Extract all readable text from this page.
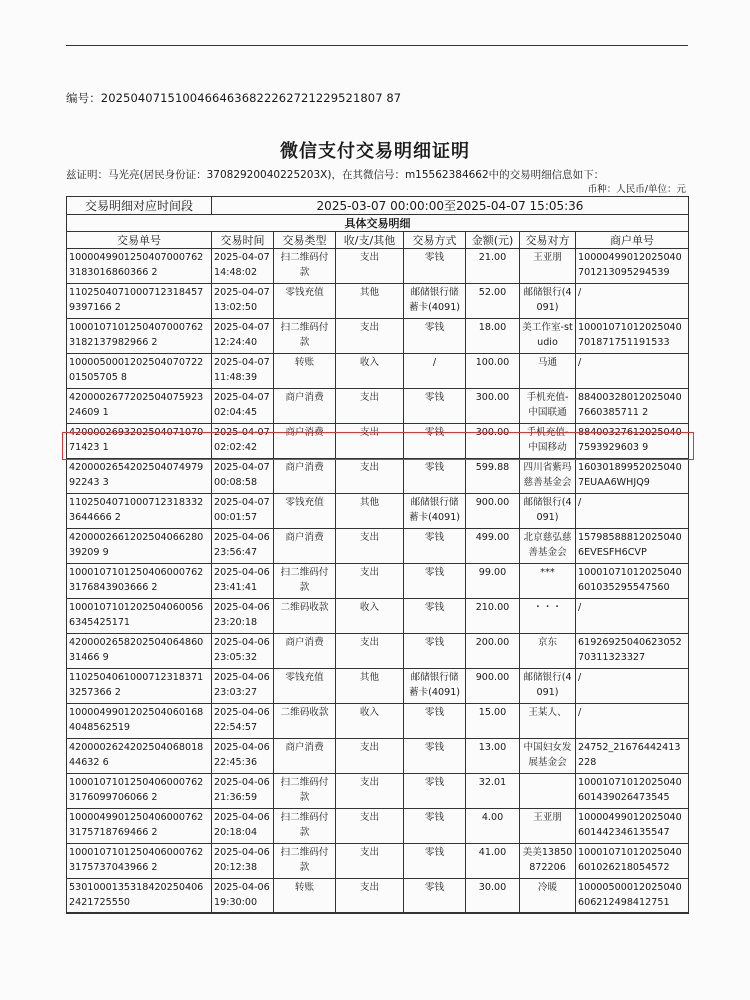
编号：20250407151004664636822262721229521807 87
微信支付交易明细证明
兹证明：马光亮(居民身份证：37082920040225203X)，在其微信号：m15562384662中的交易明细信息如下：
币种：人民币/单位：元
交易明细对应时间段	2025-03-07 00:00:00至2025-04-07 15:05:36						
具体交易明细							
交易单号	交易时间	交易类型	收/支/其他	交易方式	金额(元)	交易对方	商户单号
10000499012504070007623183016860366 2	2025-04-07 14:48:02	扫二维码付款	支出	零钱	21.00	王亚朋	10000499012025040701213095294539
11025040710007123184579397166 2	2025-04-07 13:02:50	零钱充值	其他	邮储银行储蓄卡(4091)	52.00	邮储银行(4091)	/
10001071012504070007623182137982966 2	2025-04-07 12:24:40	扫二维码付款	支出	零钱	18.00	美工作室-studio	10001071012025040701871751191533
100005000120250407072201505705 8	2025-04-07 11:48:39	转账	收入	/	100.00	马通	/
420000267720250407592324609 1	2025-04-07 02:04:45	商户消费	支出	零钱	300.00	手机充值-中国联通	884003280120250407660385711 2
420000269320250407107071423 1	2025-04-07 02:02:42	商户消费	支出	零钱	300.00	手机充值-中国移动	884003276120250407593929603 9
420000265420250407497992243 3	2025-04-07 00:08:58	商户消费	支出	零钱	599.88	四川省紫玛慈善基金会	16030189952025040 7EUAA6WHJQ9
11025040710007123183323644666 2	2025-04-07 00:01:57	零钱充值	其他	邮储银行储蓄卡(4091)	900.00	邮储银行(4091)	/
420000266120250406628039209 9	2025-04-06 23:56:47	商户消费	支出	零钱	499.00	北京慈弘慈善基金会	157985888120250406EVESFH6CVP
10001071012504060007623176843903666 2	2025-04-06 23:41:41	扫二维码付款	支出	零钱	99.00	***	10001071012025040601035295547560
10001071012025040600566345425171	2025-04-06 23:20:18	二维码收款	收入	零钱	210.00	・・・	/
420000265820250406486031466 9	2025-04-06 23:05:32	商户消费	支出	零钱	200.00	京东	6192692504062305270311323327
11025040610007123183713257366 2	2025-04-06 23:03:27	零钱充值	其他	邮储银行储蓄卡(4091)	900.00	邮储银行(4091)	/
10000499012025040601684048562519	2025-04-06 22:54:57	二维码收款	收入	零钱	15.00	王某人、	/
420000262420250406801844632 6	2025-04-06 22:45:36	商户消费	支出	零钱	13.00	中国妇女发展基金会	24752_21676442413228
10001071012504060007623176099706066 2	2025-04-06 21:36:59	扫二维码付款	支出	零钱	32.01		10001071012025040601439026473545
10000499012504060007623175718769466 2	2025-04-06 20:18:04	扫二维码付款	支出	零钱	4.00	王亚朋	10000499012025040601442346135547
10001071012504060007623175737043966 2	2025-04-06 20:12:38	扫二维码付款	支出	零钱	41.00	美美13850872206	10001071012025040601026218054572
53010001353184202504062421725550	2025-04-06 19:30:00	转账	支出	零钱	30.00	冷暖	10000500012025040606212498412751
